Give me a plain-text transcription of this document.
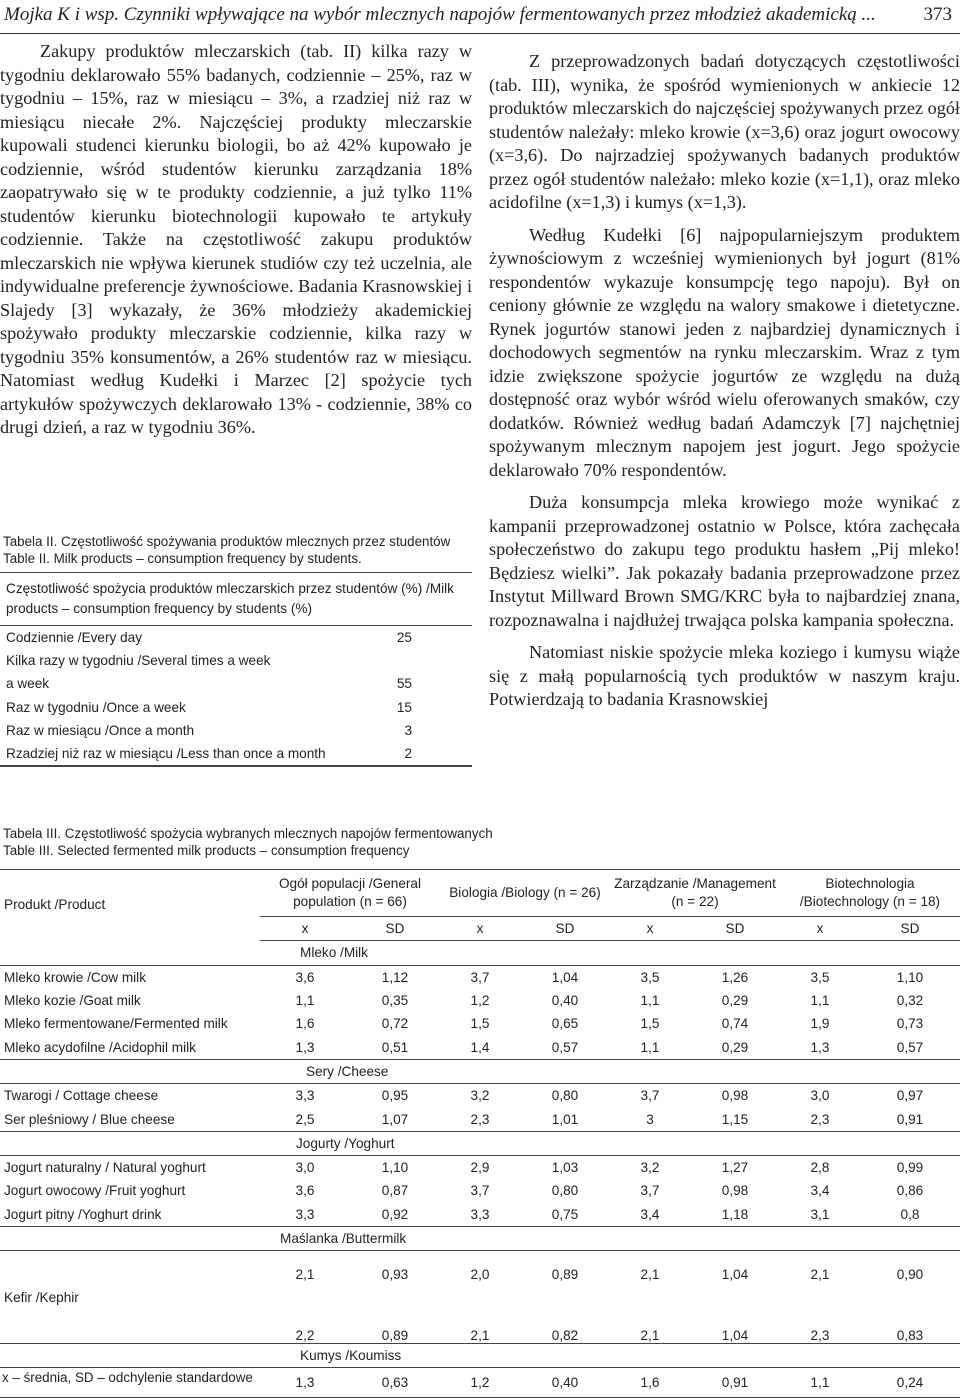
Mojka K i wsp. Czynniki wpływające na wybór mlecznych napojów fermentowanych przez młodzież akademicką ...	373

Zakupy produktów mleczarskich (tab. II) kilka razy w tygodniu deklarowało 55% badanych, codziennie – 25%, raz w tygodniu – 15%, raz w miesiącu – 3%, a rzadziej niż raz w miesiącu niecałe 2%. Najczęściej produkty mleczarskie kupowali studenci kierunku biologii, bo aż 42% kupowało je codziennie, wśród studentów kierunku zarządzania 18% zaopatrywało się w te produkty codziennie, a już tylko 11% studentów kierunku biotechnologii kupowało te artykuły codziennie. Także na częstotliwość zakupu produktów mleczarskich nie wpływa kierunek studiów czy też uczelnia, ale indywidualne preferencje żywnościowe. Badania Krasnowskiej i Slajedy [3] wykazały, że 36% młodzieży akademickiej spożywało produkty mleczarskie codziennie, kilka razy w tygodniu 35% konsumentów, a 26% studentów raz w miesiącu. Natomiast według Kudełki i Marzec [2] spożycie tych artykułów spożywczych deklarowało 13% - codziennie, 38% co drugi dzień, a raz w tygodniu 36%.

Z przeprowadzonych badań dotyczących częstotliwości (tab. III), wynika, że spośród wymienionych w ankiecie 12 produktów mleczarskich do najczęściej spożywanych przez ogół studentów należały: mleko krowie (x=3,6) oraz jogurt owocowy (x=3,6). Do najrzadziej spożywanych badanych produktów przez ogół studentów należało: mleko kozie (x=1,1), oraz mleko acidofilne (x=1,3) i kumys (x=1,3).

Według Kudełki [6] najpopularniejszym produktem żywnościowym z wcześniej wymienionych był jogurt (81% respondentów wykazuje konsumpcję tego napoju). Był on ceniony głównie ze względu na walory smakowe i dietetyczne. Rynek jogurtów stanowi jeden z najbardziej dynamicznych i dochodowych segmentów na rynku mleczarskim. Wraz z tym idzie zwiększone spożycie jogurtów ze względu na dużą dostępność oraz wybór wśród wielu oferowanych smaków, czy dodatków. Również według badań Adamczyk [7] najchętniej spożywanym mlecznym napojem jest jogurt. Jego spożycie deklarowało 70% respondentów.

Duża konsumpcja mleka krowiego może wynikać z kampanii przeprowadzonej ostatnio w Polsce, która zachęcała społeczeństwo do zakupu tego produktu hasłem „Pij mleko! Będziesz wielki”. Jak pokazały badania przeprowadzone przez Instytut Millward Brown SMG/KRC była to najbardziej znana, rozpoznawalna i najdłużej trwająca polska kampania społeczna.

Natomiast niskie spożycie mleka koziego i kumysu wiąże się z małą popularnością tych produktów w naszym kraju. Potwierdzają to badania Krasnowskiej

Tabela II. Częstotliwość spożywania produktów mlecznych przez studentów
Table II. Milk products – consumption frequency by students.
Częstotliwość spożycia produktów mleczarskich przez studentów (%) /Milk products – consumption frequency by students (%)	
Codziennie /Every day	25
Kilka razy w tygodniu /Several times a week	
a week	55
Raz w tygodniu /Once a week	15
Raz w miesiącu /Once a month	3
Rzadziej niż raz w miesiącu /Less than once a month	2
Tabela III. Częstotliwość spożycia wybranych mlecznych napojów fermentowanych
Table III. Selected fermented milk products – consumption frequency
Produkt /Product	Ogół populacji /General population (n = 66)		Biologia /Biology (n = 26)		Zarządzanie /Management (n = 22)		Biotechnologia /Biotechnology (n = 18)	
	x	SD	x	SD	x	SD	x	SD
	Mleko /Milk							
Mleko krowie /Cow milk	3,6	1,12	3,7	1,04	3,5	1,26	3,5	1,10
Mleko kozie /Goat milk	1,1	0,35	1,2	0,40	1,1	0,29	1,1	0,32
Mleko fermentowane/Fermented milk	1,6	0,72	1,5	0,65	1,5	0,74	1,9	0,73
Mleko acydofilne /Acidophil milk	1,3	0,51	1,4	0,57	1,1	0,29	1,3	0,57
	Sery /Cheese							
Twarogi / Cottage cheese	3,3	0,95	3,2	0,80	3,7	0,98	3,0	0,97
Ser pleśniowy / Blue cheese	2,5	1,07	2,3	1,01	3	1,15	2,3	0,91
	Jogurty /Yoghurt							
Jogurt naturalny / Natural yoghurt	3,0	1,10	2,9	1,03	3,2	1,27	2,8	0,99
Jogurt owocowy /Fruit yoghurt	3,6	0,87	3,7	0,80	3,7	0,98	3,4	0,86
Jogurt pitny /Yoghurt drink	3,3	0,92	3,3	0,75	3,4	1,18	3,1	0,8
	Maślanka /Buttermilk							
Kefir /Kephir	2,1	0,93	2,0	0,89	2,1	1,04	2,1	0,90
	2,2	0,89	2,1	0,82	2,1	1,04	2,3	0,83
	Kumys /Koumiss							
	1,3	0,63	1,2	0,40	1,6	0,91	1,1	0,24
x – średnia, SD – odchylenie standardowe
